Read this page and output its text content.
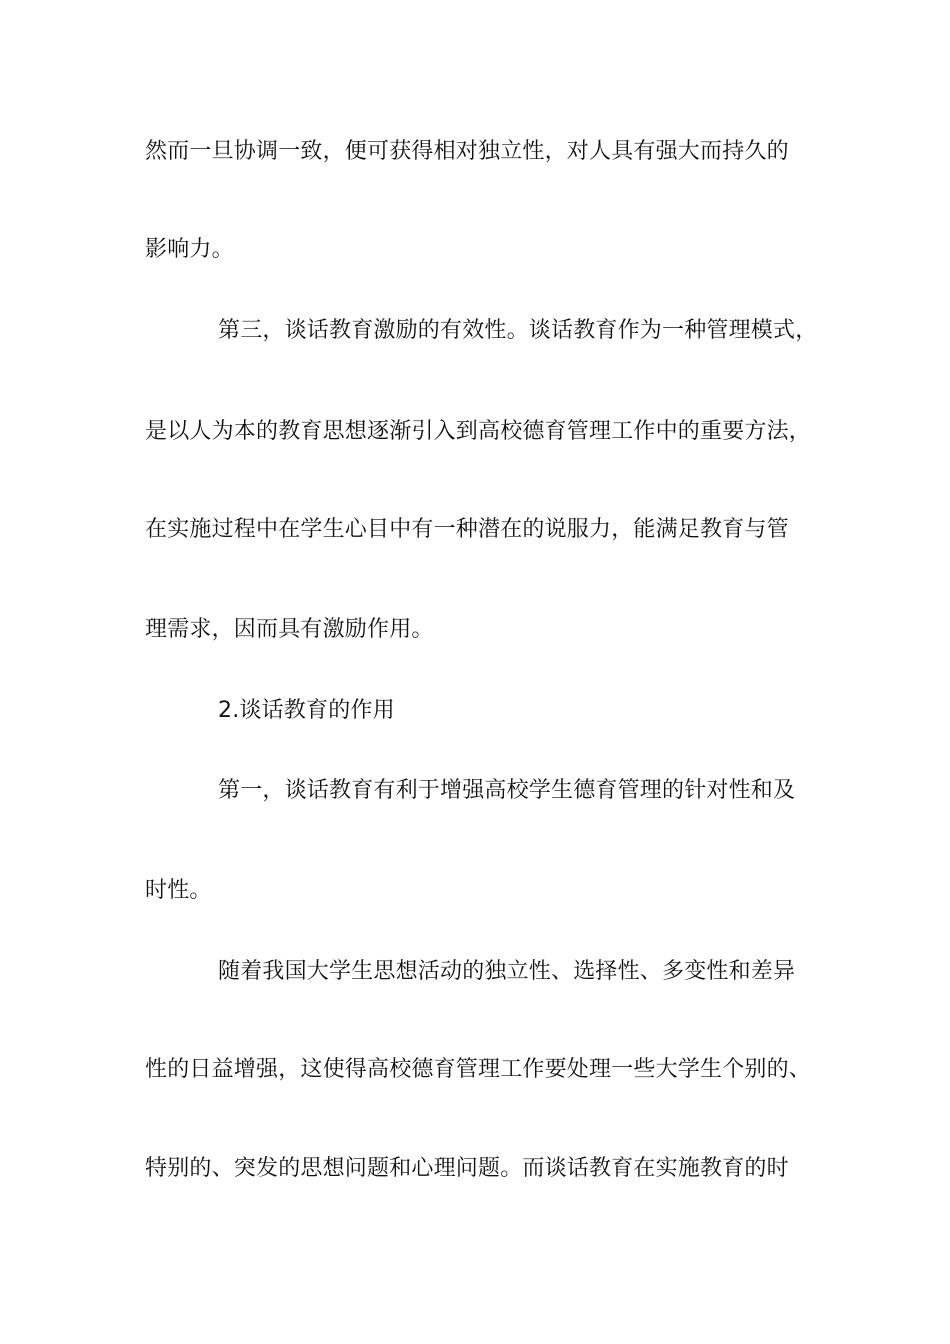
然而一旦协调一致，便可获得相对独立性，对人具有强大而持久的
影响力。
第三，谈话教育激励的有效性。谈话教育作为一种管理模式，
是以人为本的教育思想逐渐引入到高校德育管理工作中的重要方法，
在实施过程中在学生心目中有一种潜在的说服力，能满足教育与管
理需求，因而具有激励作用。
2.谈话教育的作用
第一，谈话教育有利于增强高校学生德育管理的针对性和及
时性。
随着我国大学生思想活动的独立性、选择性、多变性和差异
性的日益增强，这使得高校德育管理工作要处理一些大学生个别的、
特别的、突发的思想问题和心理问题。而谈话教育在实施教育的时
